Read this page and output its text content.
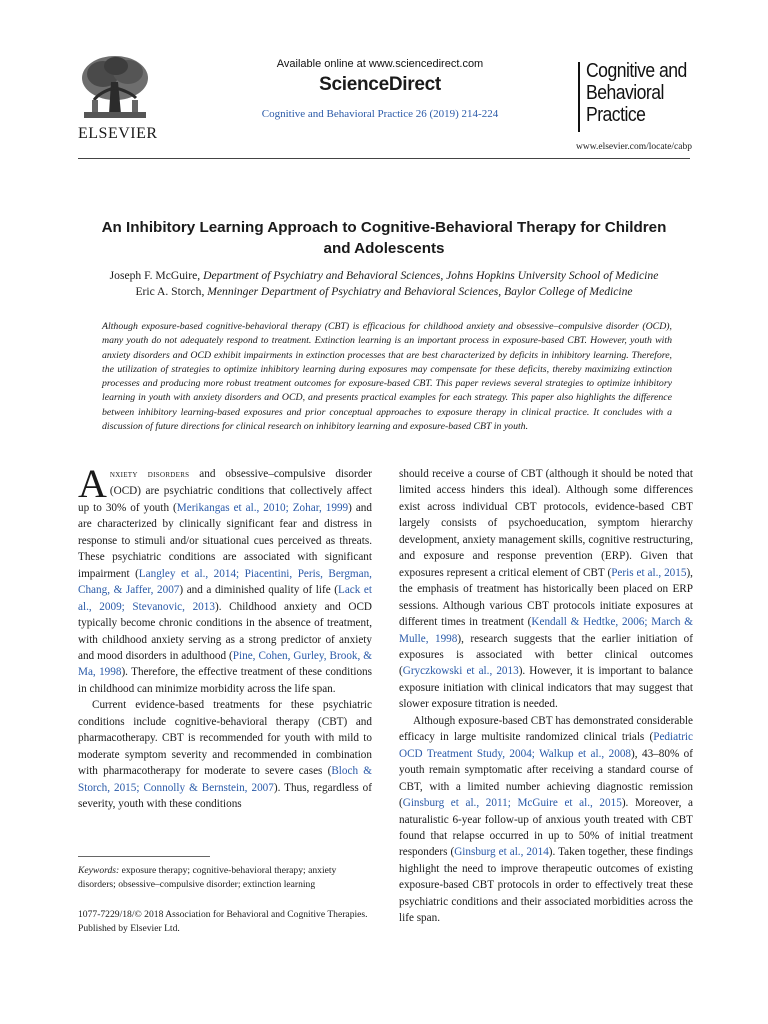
ELSEVIER
Available online at www.sciencedirect.com
ScienceDirect
Cognitive and Behavioral Practice 26 (2019) 214-224
Cognitive and
Behavioral
Practice
www.elsevier.com/locate/cabp
An Inhibitory Learning Approach to Cognitive-Behavioral Therapy for Children
and Adolescents
Joseph F. McGuire, Department of Psychiatry and Behavioral Sciences, Johns Hopkins University School of Medicine
Eric A. Storch, Menninger Department of Psychiatry and Behavioral Sciences, Baylor College of Medicine
Although exposure-based cognitive-behavioral therapy (CBT) is efficacious for childhood anxiety and obsessive–compulsive disorder (OCD), many youth do not adequately respond to treatment. Extinction learning is an important process in exposure-based CBT. However, youth with anxiety disorders and OCD exhibit impairments in extinction processes that are best characterized by deficits in inhibitory learning. Therefore, the utilization of strategies to optimize inhibitory learning during exposures may compensate for these deficits, thereby maximizing extinction processes and producing more robust treatment outcomes for exposure-based CBT. This paper reviews several strategies to optimize inhibitory learning in youth with anxiety disorders and OCD, and presents practical examples for each strategy. This paper also highlights the difference between inhibitory learning-based exposures and prior conceptual approaches to exposure therapy in clinical practice. It concludes with a discussion of future directions for clinical research on inhibitory learning and exposure-based CBT in youth.

Anxiety disorders and obsessive–compulsive disorder (OCD) are psychiatric conditions that collectively affect up to 30% of youth (Merikangas et al., 2010; Zohar, 1999) and are characterized by clinically significant fear and distress in response to stimuli and/or situational cues perceived as threats. These psychiatric conditions are associated with significant impairment (Langley et al., 2014; Piacentini, Peris, Bergman, Chang, & Jaffer, 2007) and a diminished quality of life (Lack et al., 2009; Stevanovic, 2013). Childhood anxiety and OCD typically become chronic conditions in the absence of treatment, with childhood anxiety serving as a strong predictor of anxiety and mood disorders in adulthood (Pine, Cohen, Gurley, Brook, & Ma, 1998). Therefore, the effective treatment of these conditions in childhood can minimize morbidity across the life span.

Current evidence-based treatments for these psychiatric conditions include cognitive-behavioral therapy (CBT) and pharmacotherapy. CBT is recommended for youth with mild to moderate symptom severity and recommended in combination with pharmacotherapy for moderate to severe cases (Bloch & Storch, 2015; Connolly & Bernstein, 2007). Thus, regardless of severity, youth with these conditions

should receive a course of CBT (although it should be noted that limited access hinders this ideal). Although some differences exist across individual CBT protocols, evidence-based CBT largely consists of psychoeducation, symptom hierarchy development, anxiety management skills, cognitive restructuring, and exposure and response prevention (ERP). Given that exposures represent a critical element of CBT (Peris et al., 2015), the emphasis of treatment has historically been placed on ERP sessions. Although various CBT protocols initiate exposures at different times in treatment (Kendall & Hedtke, 2006; March & Mulle, 1998), research suggests that the earlier initiation of exposures is associated with better clinical outcomes (Gryczkowski et al., 2013). However, it is important to balance exposure initiation with clinical indicators that may suggest that slower exposure titration is needed.

Although exposure-based CBT has demonstrated considerable efficacy in large multisite randomized clinical trials (Pediatric OCD Treatment Study, 2004; Walkup et al., 2008), 43–80% of youth remain symptomatic after receiving a standard course of CBT, with a limited number achieving diagnostic remission (Ginsburg et al., 2011; McGuire et al., 2015). Moreover, a naturalistic 6-year follow-up of anxious youth treated with CBT found that relapse occurred in up to 50% of initial treatment responders (Ginsburg et al., 2014). Taken together, these findings highlight the need to improve therapeutic outcomes of existing exposure-based CBT protocols in order to effectively treat these psychiatric conditions and their associated morbidities across the life span.

Keywords: exposure therapy; cognitive-behavioral therapy; anxiety disorders; obsessive–compulsive disorder; extinction learning
1077-7229/18/© 2018 Association for Behavioral and Cognitive Therapies. Published by Elsevier Ltd.
